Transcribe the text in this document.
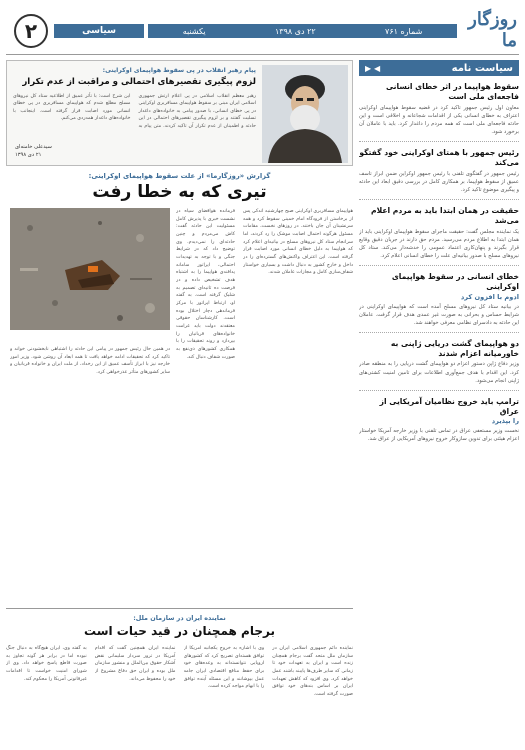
۲	سیاسی	شماره ۷۶۱
۲۲ دی ۱۳۹۸
یکشنبه
روزگار ما
سیاست نامه
◀ ▶
سقوط هواپیما در اثر خطای انسانی فاجعه‌ای ملی است
معاون اول رئیس جمهور تاکید کرد در قضیه سقوط هواپیمای اوکراینی اعتراف به خطای انسانی یکی از اقدامات شجاعانه و اخلاقی است و این حادثه فاجعه‌ای ملی است که همه مردم را داغدار کرد. باید با عاملان آن برخورد شود.
رئیس جمهور با همتای اوکراینی خود گفتگو می‌کند
رئیس جمهور در گفتگوی تلفنی با رئیس جمهور اوکراین ضمن ابراز تاسف عمیق از سقوط هواپیما، بر همکاری کامل در بررسی دقیق ابعاد این حادثه و پیگیری موضوع تاکید کرد.
حقیقت در همان ابتدا باید به مردم اعلام می‌شد
یک نماینده مجلس گفت: حقیقت ماجرای سقوط هواپیمای اوکراینی باید از همان ابتدا به اطلاع مردم می‌رسید. مردم حق دارند در جریان دقیق وقایع قرار بگیرند و پنهان‌کاری اعتماد عمومی را خدشه‌دار می‌کند. ستاد کل نیروهای مسلح با صدور بیانیه‌ای علت را خطای انسانی اعلام کرد.
خطای انسانی در سقوط هواپیمای اوکراینی
ادوم با افزون کرد
در بیانیه ستاد کل نیروهای مسلح آمده است که هواپیمای اوکراینی در شرایط حساس و بحرانی به صورت غیر عمدی هدف قرار گرفت. عاملان این حادثه به دادسرای نظامی معرفی خواهند شد.
دو هواپیمای گشت دریایی ژاپنی به خاورمیانه اعزام شدند
وزیر دفاع ژاپن دستور اعزام دو هواپیمای گشت دریایی را به منطقه صادر کرد. این اقدام با هدف جمع‌آوری اطلاعات برای تامین امنیت کشتی‌های ژاپنی انجام می‌شود.
ترامپ باید خروج نظامیان آمریکایی از عراق
را بپذیرد
نخست وزیر مستعفی عراق در تماس تلفنی با وزیر خارجه آمریکا خواستار اعزام هیئتی برای تدوین سازوکار خروج نیروهای آمریکایی از عراق شد.
پیام رهبر انقلاب در پی سقوط هواپیمای اوکراینی:
لزوم پیگیری تقصیرهای احتمالی و مراقبت از عدم تکرار
رهبر معظم انقلاب اسلامی در پی اعلام ارتش جمهوری اسلامی ایران مبنی بر سقوط هواپیمای مسافربری اوکراینی در پی خطای انسانی، با صدور پیامی به خانواده‌های داغدار تسلیت گفتند و بر لزوم پیگیری تقصیرهای احتمالی در این حادثه و اطمینان از عدم تکرار آن تاکید کردند. متن پیام به این شرح است: با تأثر عمیق از اطلاعیه ستاد کل نیروهای مسلح مطلع شدم که هواپیمای مسافربری در پی خطای انسانی مورد اصابت قرار گرفته است. اینجانب با خانواده‌های داغدار همدردی می‌کنم.
سیدعلی خامنه‌ای
۲۱ دی ۱۳۹۸
گزارش «روزگارما» از علت سقوط هواپیمای اوکراینی:
تیری که به خطا رفت
هواپیمای مسافربری اوکراینی صبح چهارشنبه اندکی پس از برخاستن از فرودگاه امام خمینی سقوط کرد و همه سرنشینان آن جان باختند. در روزهای نخست، مقامات مسئول هرگونه احتمال اصابت موشک را رد کردند، اما سرانجام ستاد کل نیروهای مسلح در بیانیه‌ای اعلام کرد که هواپیما به دلیل خطای انسانی مورد اصابت قرار گرفته است. این اعتراف واکنش‌های گسترده‌ای را در داخل و خارج کشور به دنبال داشت و بسیاری خواستار شفاف‌سازی کامل و مجازات عاملان شدند.
فرمانده هوافضای سپاه در نشست خبری با پذیرش کامل مسئولیت این حادثه گفت: کاش می‌مردم و چنین حادثه‌ای را نمی‌دیدم. وی توضیح داد که در شرایط جنگی و با توجه به تهدیدات احتمالی، اپراتور سامانه پدافندی هواپیما را به اشتباه هدف تشخیص داده و در فرصت ده ثانیه‌ای تصمیم به شلیک گرفته است. به گفته او، ارتباط اپراتور با مرکز فرماندهی دچار اختلال بوده است. کارشناسان حقوقی معتقدند دولت باید غرامت خانواده‌های قربانیان را بپردازد و روند تحقیقات را با همکاری کشورهای ذی‌نفع به صورت شفاف دنبال کند.
در همین حال رئیس جمهور در پیامی این حادثه را اشتباهی نابخشودنی خواند و تاکید کرد که تحقیقات ادامه خواهد یافت تا همه ابعاد آن روشن شود. وزیر امور خارجه نیز با ابراز تأسف عمیق از این رخداد، از ملت ایران و خانواده قربانیان و سایر کشورهای متأثر عذرخواهی کرد.
نماینده ایران در سازمان ملل:
برجام همچنان در قید حیات است
نماینده دائم جمهوری اسلامی ایران در سازمان ملل متحد گفت برجام همچنان زنده است و ایران به تعهدات خود تا زمانی که سایر طرف‌ها پایبند باشند عمل خواهد کرد. وی افزود که کاهش تعهدات ایران بر اساس بندهای خود توافق صورت گرفته است.
وی با اشاره به خروج یکجانبه آمریکا از توافق هسته‌ای تصریح کرد که کشورهای اروپایی نتوانسته‌اند به وعده‌های خود برای حفظ منافع اقتصادی ایران جامه عمل بپوشانند و این مسئله آینده توافق را با ابهام مواجه کرده است.
نماینده ایران همچنین گفت که اقدام آمریکا در ترور سردار سلیمانی نقض آشکار حقوق بین‌الملل و منشور سازمان ملل بوده و ایران حق دفاع مشروع از خود را محفوظ می‌داند.
به گفته وی، ایران هیچ‌گاه به دنبال جنگ نبوده اما در برابر هر گونه تجاوز به صورت قاطع پاسخ خواهد داد. وی از شورای امنیت خواست تا اقدامات غیرقانونی آمریکا را محکوم کند.
